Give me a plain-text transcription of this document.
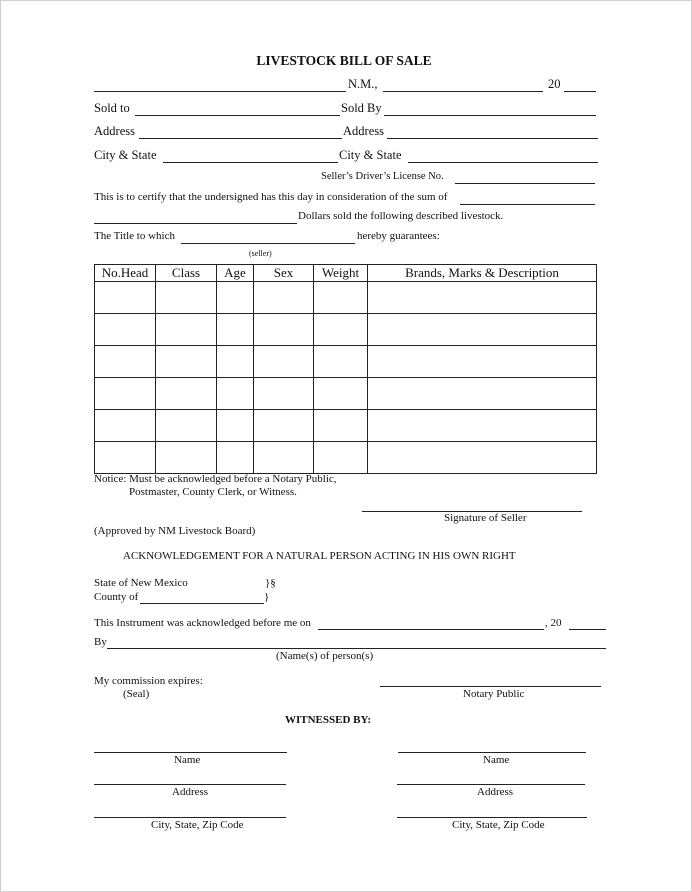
LIVESTOCK BILL OF SALE
N.M.,	20
Sold to	Sold By
Address	Address
City & State	City & State
Seller’s Driver’s License No.
This is to certify that the undersigned has this day in consideration of the sum of
Dollars sold the following described livestock.
The Title to which	hereby guarantees:
(seller)
No.Head	Class	Age	Sex	Weight	Brands, Marks & Description

Notice: Must be acknowledged before a Notary Public,
Postmaster, County Clerk, or Witness.
Signature of Seller
(Approved by NM Livestock Board)
ACKNOWLEDGEMENT FOR A NATURAL PERSON ACTING IN HIS OWN RIGHT
State of New Mexico	}§
County of	}
This Instrument was acknowledged before me on	, 20
By
(Name(s) of person(s)
My commission expires:
(Seal)	Notary Public
WITNESSED BY:
Name	Name
Address	Address
City, State, Zip Code	City, State, Zip Code
